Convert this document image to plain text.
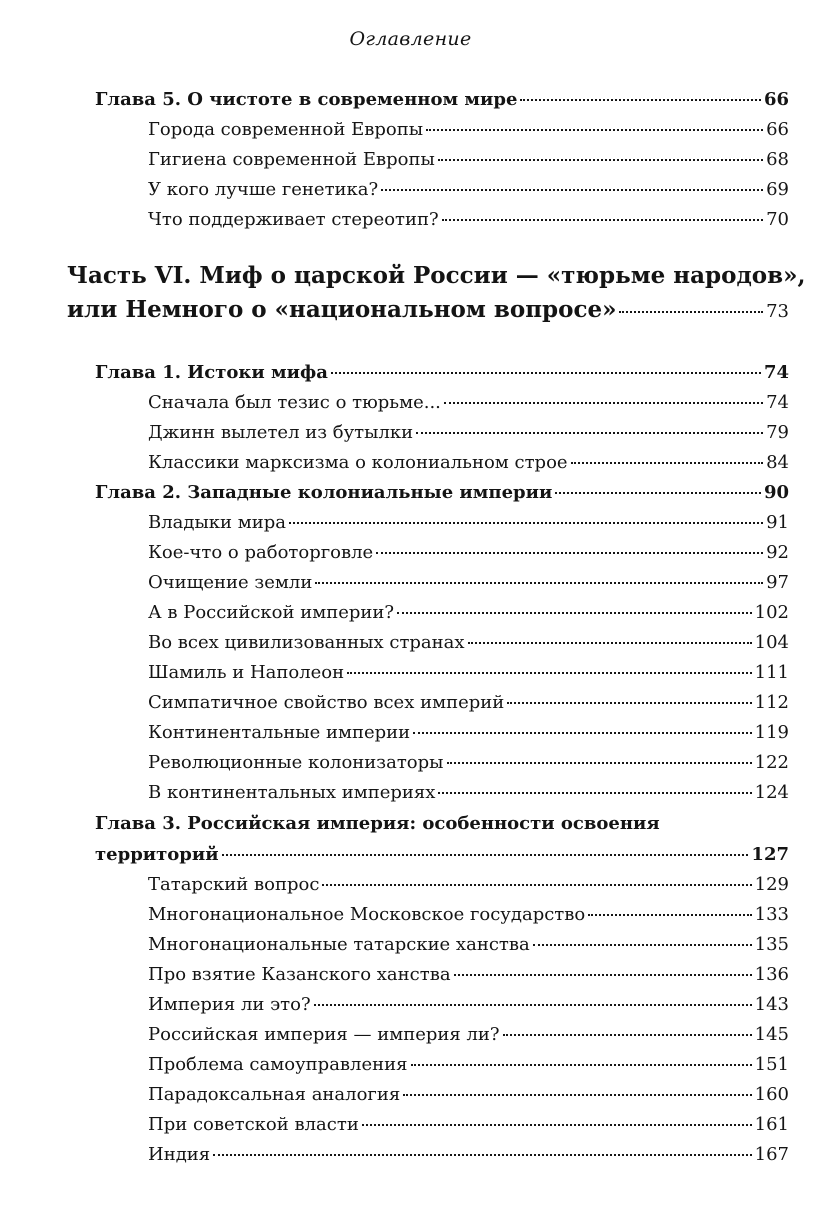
Оглавление
Глава 5. О чистоте в современном мире	66
Города современной Европы	66
Гигиена современной Европы	68
У кого лучше генетика?	69
Что поддерживает стереотип?	70
Часть VI. Миф о царской России — «тюрьме народов»,
или Немного о «национальном вопросе»	73
Глава 1. Истоки мифа	74
Сначала был тезис о тюрьме...	74
Джинн вылетел из бутылки	79
Классики марксизма о колониальном строе	84
Глава 2. Западные колониальные империи	90
Владыки мира	91
Кое-что о работорговле	92
Очищение земли	97
А в Российской империи?	102
Во всех цивилизованных странах	104
Шамиль и Наполеон	111
Симпатичное свойство всех империй	112
Континентальные империи	119
Революционные колонизаторы	122
В континентальных империях	124
Глава 3. Российская империя: особенности освоения
территорий	127
Татарский вопрос	129
Многонациональное Московское государство	133
Многонациональные татарские ханства	135
Про взятие Казанского ханства	136
Империя ли это?	143
Российская империя — империя ли?	145
Проблема самоуправления	151
Парадоксальная аналогия	160
При советской власти	161
Индия	167
